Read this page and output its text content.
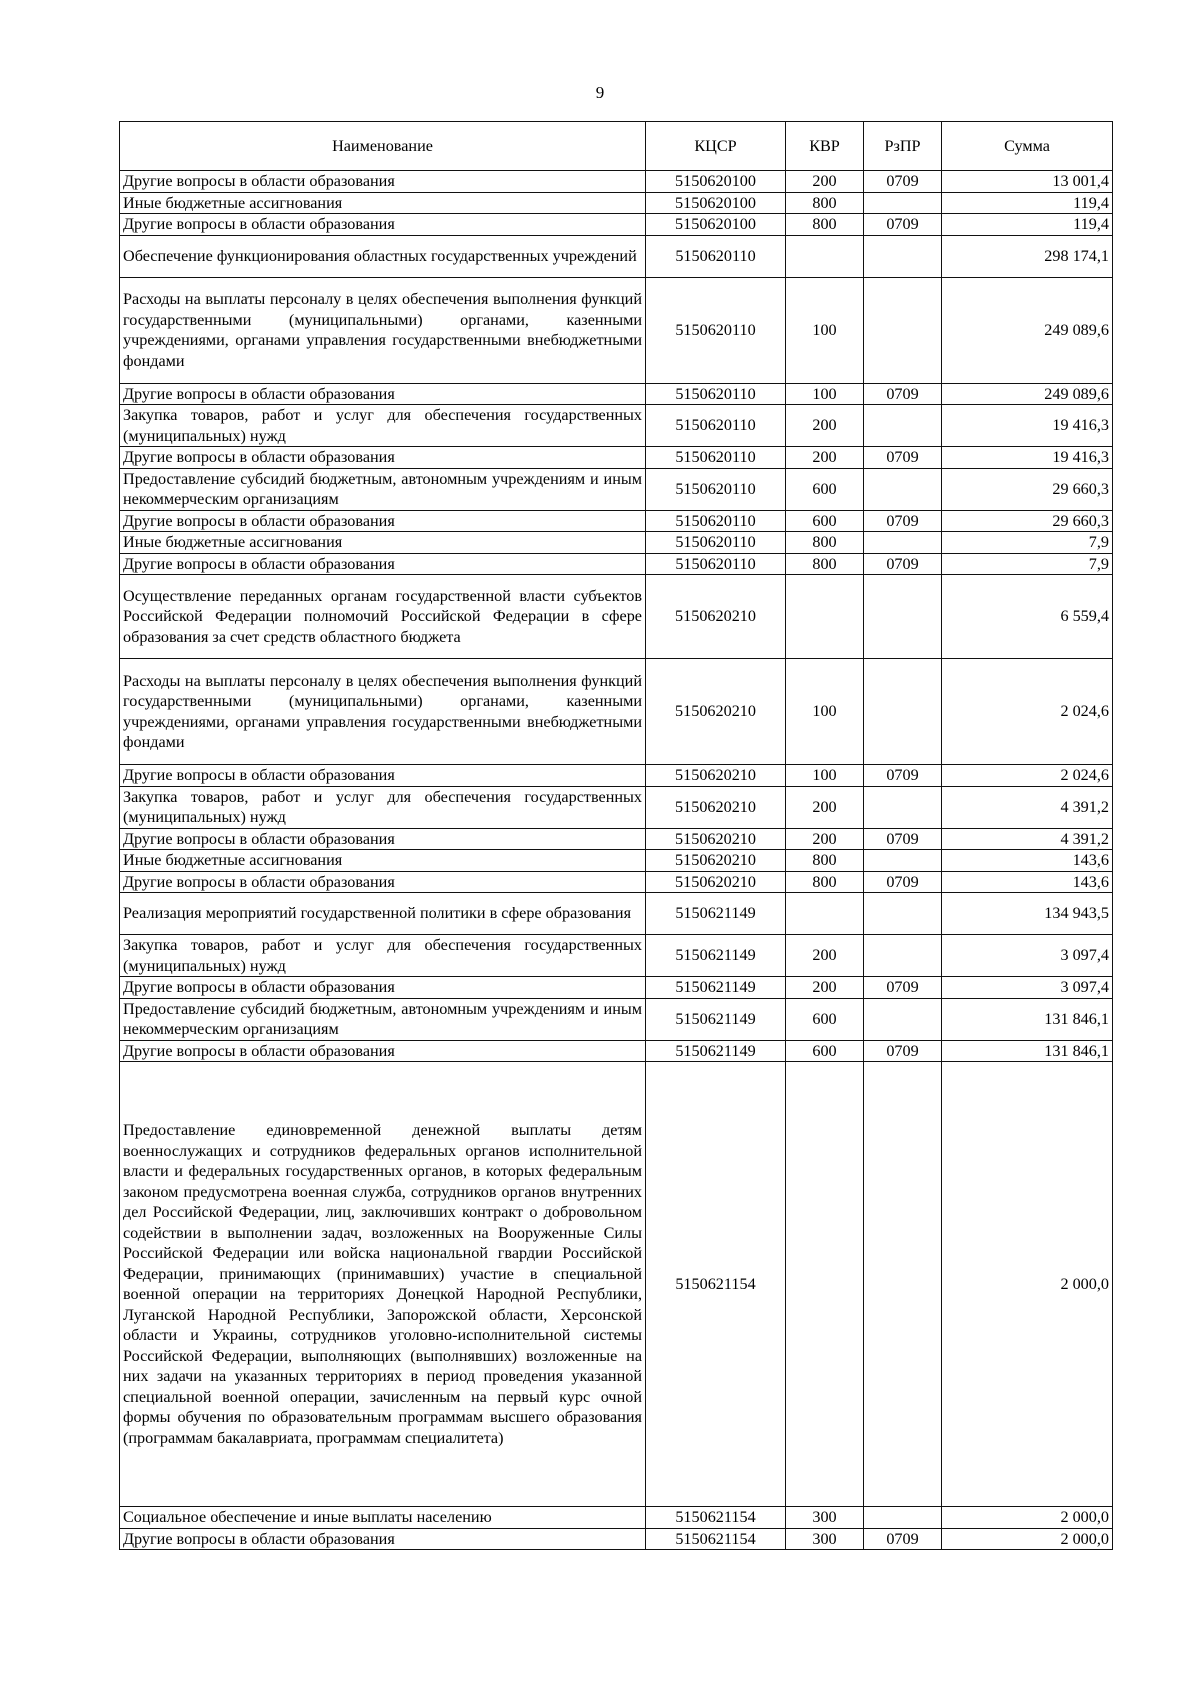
9
Наименование	КЦСР	КВР	РзПР	Сумма
Другие вопросы в области образования	5150620100	200	0709	13 001,4
Иные бюджетные ассигнования	5150620100	800		119,4
Другие вопросы в области образования	5150620100	800	0709	119,4
Обеспечение функционирования областных государственных учреждений	5150620110			298 174,1
Расходы на выплаты персоналу в целях обеспечения выполнения функций государственными (муниципальными) органами, казенными учреждениями, органами управления государственными внебюджетными фондами	5150620110	100		249 089,6
Другие вопросы в области образования	5150620110	100	0709	249 089,6
Закупка товаров, работ и услуг для обеспечения государственных (муниципальных) нужд	5150620110	200		19 416,3
Другие вопросы в области образования	5150620110	200	0709	19 416,3
Предоставление субсидий бюджетным, автономным учреждениям и иным некоммерческим организациям	5150620110	600		29 660,3
Другие вопросы в области образования	5150620110	600	0709	29 660,3
Иные бюджетные ассигнования	5150620110	800		7,9
Другие вопросы в области образования	5150620110	800	0709	7,9
Осуществление переданных органам государственной власти субъектов Российской Федерации полномочий Российской Федерации в сфере образования за счет средств областного бюджета	5150620210			6 559,4
Расходы на выплаты персоналу в целях обеспечения выполнения функций государственными (муниципальными) органами, казенными учреждениями, органами управления государственными внебюджетными фондами	5150620210	100		2 024,6
Другие вопросы в области образования	5150620210	100	0709	2 024,6
Закупка товаров, работ и услуг для обеспечения государственных (муниципальных) нужд	5150620210	200		4 391,2
Другие вопросы в области образования	5150620210	200	0709	4 391,2
Иные бюджетные ассигнования	5150620210	800		143,6
Другие вопросы в области образования	5150620210	800	0709	143,6
Реализация мероприятий государственной политики в сфере образования	5150621149			134 943,5
Закупка товаров, работ и услуг для обеспечения государственных (муниципальных) нужд	5150621149	200		3 097,4
Другие вопросы в области образования	5150621149	200	0709	3 097,4
Предоставление субсидий бюджетным, автономным учреждениям и иным некоммерческим организациям	5150621149	600		131 846,1
Другие вопросы в области образования	5150621149	600	0709	131 846,1
Предоставление единовременной денежной выплаты детям военнослужащих и сотрудников федеральных органов исполнительной власти и федеральных государственных органов, в которых федеральным законом предусмотрена военная служба, сотрудников органов внутренних дел Российской Федерации, лиц, заключивших контракт о добровольном содействии в выполнении задач, возложенных на Вооруженные Силы Российской Федерации или войска национальной гвардии Российской Федерации, принимающих (принимавших) участие в специальной военной операции на территориях Донецкой Народной Республики, Луганской Народной Республики, Запорожской области, Херсонской области и Украины, сотрудников уголовно-исполнительной системы Российской Федерации, выполняющих (выполнявших) возложенные на них задачи на указанных территориях в период проведения указанной специальной военной операции, зачисленным на первый курс очной формы обучения по образовательным программам высшего образования (программам бакалавриата, программам специалитета)	5150621154			2 000,0
Социальное обеспечение и иные выплаты населению	5150621154	300		2 000,0
Другие вопросы в области образования	5150621154	300	0709	2 000,0
